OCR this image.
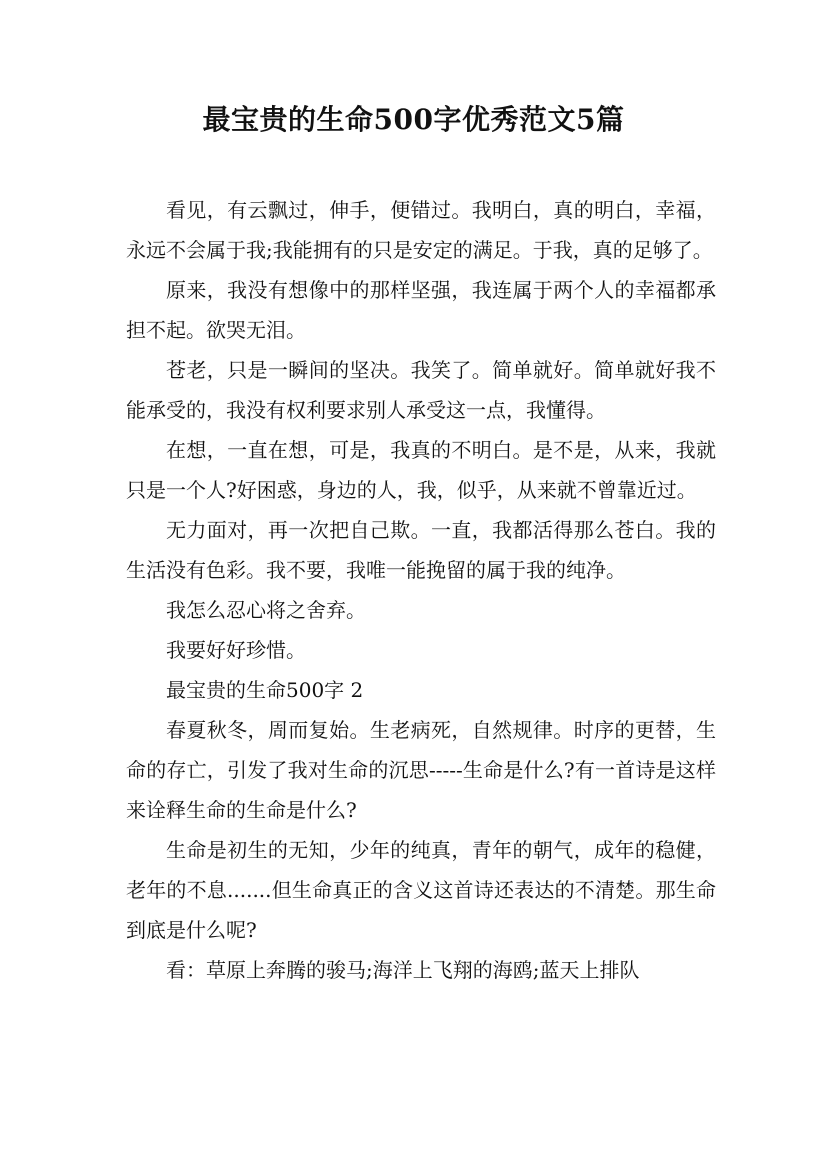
最宝贵的生命500字优秀范文5篇

看见，有云飘过，伸手，便错过。我明白，真的明白，幸福，永远不会属于我;我能拥有的只是安定的满足。于我，真的足够了。

原来，我没有想像中的那样坚强，我连属于两个人的幸福都承担不起。欲哭无泪。

苍老，只是一瞬间的坚决。我笑了。简单就好。简单就好我不能承受的，我没有权利要求别人承受这一点，我懂得。

在想，一直在想，可是，我真的不明白。是不是，从来，我就只是一个人?好困惑，身边的人，我，似乎，从来就不曾靠近过。

无力面对，再一次把自己欺。一直，我都活得那么苍白。我的生活没有色彩。我不要，我唯一能挽留的属于我的纯净。

我怎么忍心将之舍弃。

我要好好珍惜。

最宝贵的生命500字 2

春夏秋冬，周而复始。生老病死，自然规律。时序的更替，生命的存亡，引发了我对生命的沉思-----生命是什么?有一首诗是这样来诠释生命的生命是什么?

生命是初生的无知，少年的纯真，青年的朝气，成年的稳健，老年的不息.......但生命真正的含义这首诗还表达的不清楚。那生命到底是什么呢?

看：草原上奔腾的骏马;海洋上飞翔的海鸥;蓝天上排队
